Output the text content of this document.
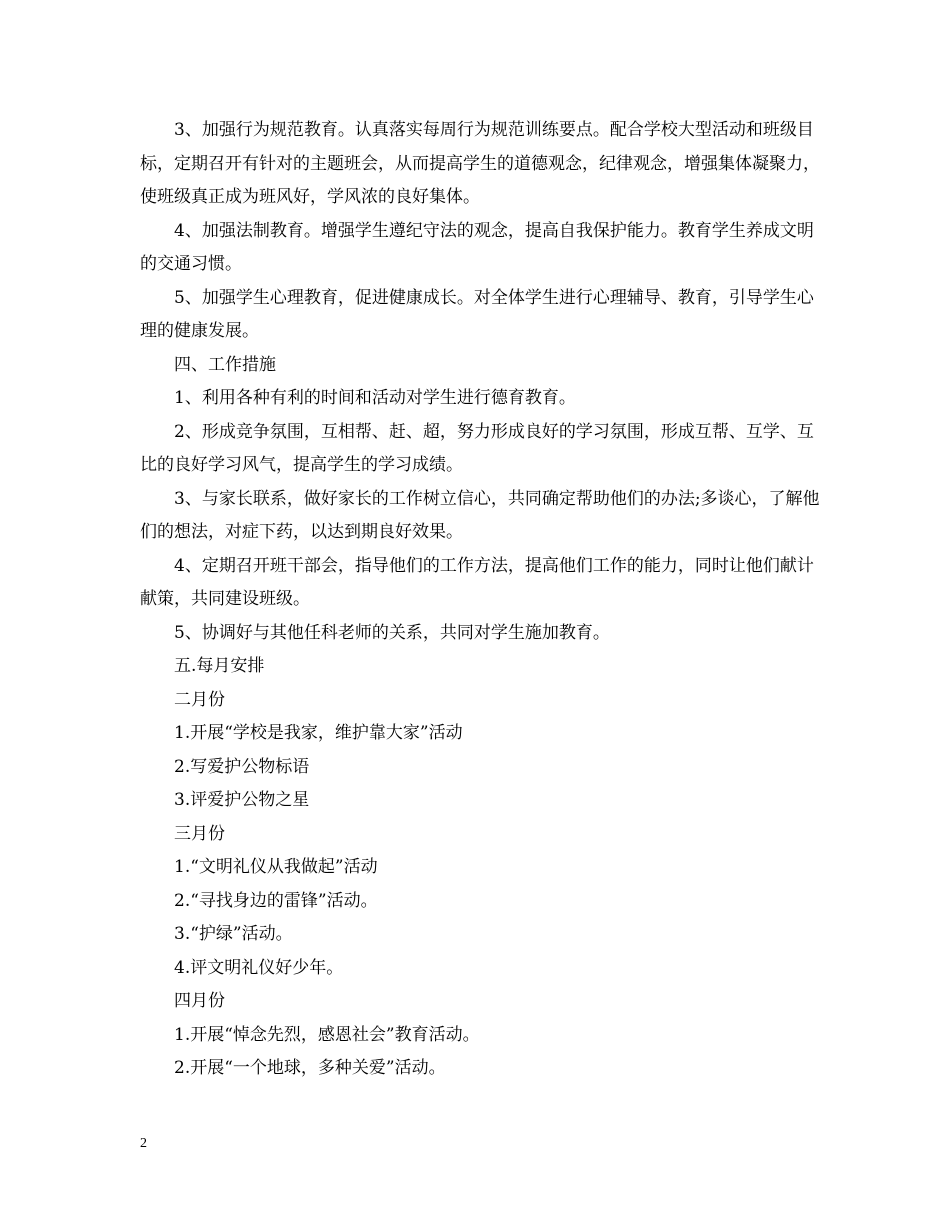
3、加强行为规范教育。认真落实每周行为规范训练要点。配合学校大型活动和班级目标，定期召开有针对的主题班会，从而提高学生的道德观念，纪律观念，增强集体凝聚力，使班级真正成为班风好，学风浓的良好集体。

4、加强法制教育。增强学生遵纪守法的观念，提高自我保护能力。教育学生养成文明的交通习惯。

5、加强学生心理教育，促进健康成长。对全体学生进行心理辅导、教育，引导学生心理的健康发展。

四、工作措施

1、利用各种有利的时间和活动对学生进行德育教育。

2、形成竞争氛围，互相帮、赶、超，努力形成良好的学习氛围，形成互帮、互学、互比的良好学习风气，提高学生的学习成绩。

3、与家长联系，做好家长的工作树立信心，共同确定帮助他们的办法;多谈心，了解他们的想法，对症下药，以达到期良好效果。

4、定期召开班干部会，指导他们的工作方法，提高他们工作的能力，同时让他们献计献策，共同建设班级。

5、协调好与其他任科老师的关系，共同对学生施加教育。

五.每月安排

二月份

1.开展“学校是我家，维护靠大家”活动

2.写爱护公物标语

3.评爱护公物之星

三月份

1.“文明礼仪从我做起”活动

2.“寻找身边的雷锋”活动。

3.“护绿”活动。

4.评文明礼仪好少年。

四月份

1.开展“悼念先烈，感恩社会”教育活动。

2.开展“一个地球，多种关爱”活动。

2
